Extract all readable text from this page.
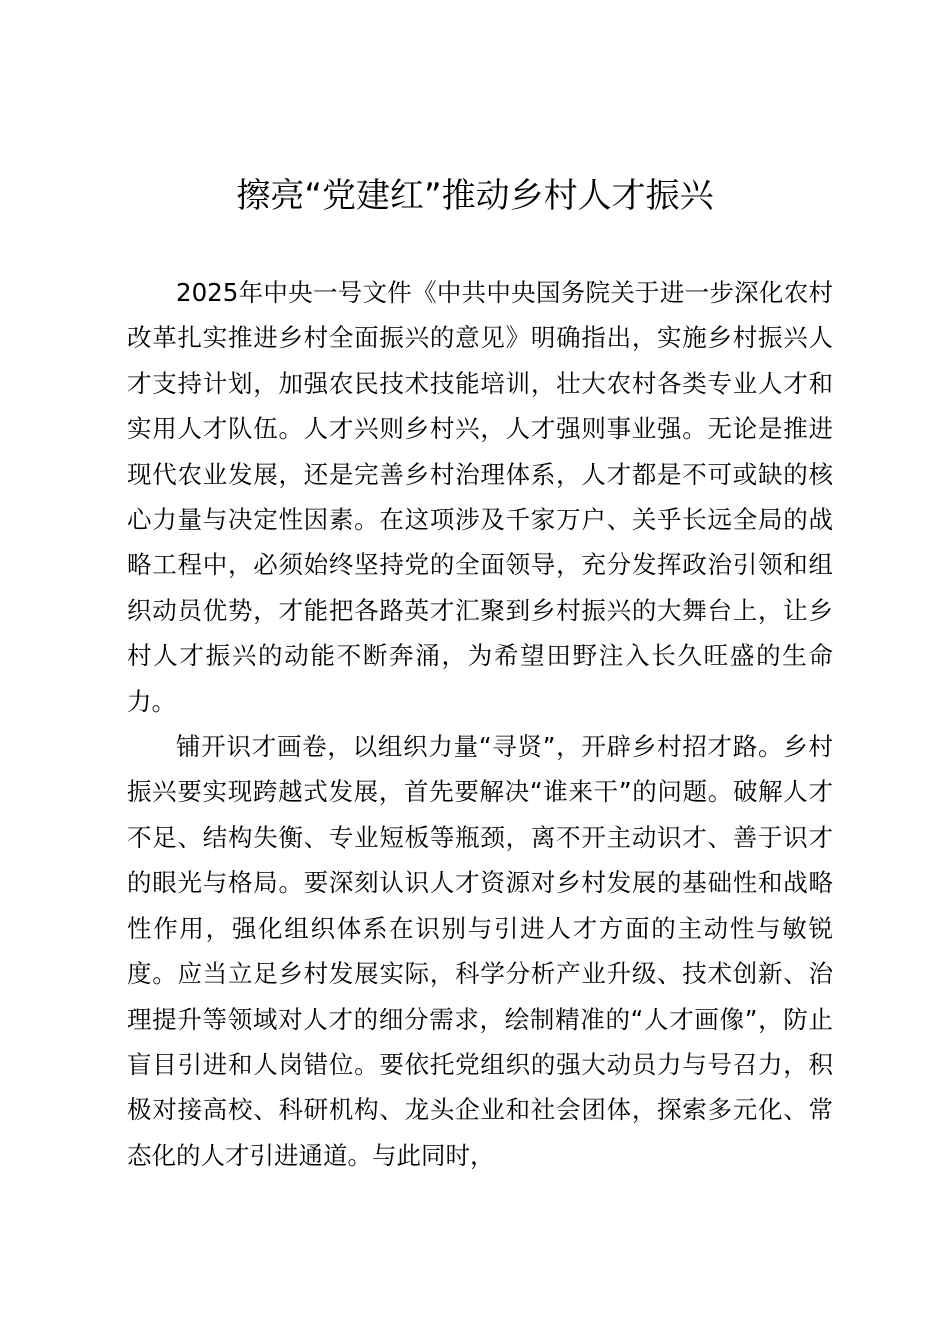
擦亮“党建红”推动乡村人才振兴

2025年中央一号文件《中共中央国务院关于进一步深化农村改革扎实推进乡村全面振兴的意见》明确指出，实施乡村振兴人才支持计划，加强农民技术技能培训，壮大农村各类专业人才和实用人才队伍。人才兴则乡村兴，人才强则事业强。无论是推进现代农业发展，还是完善乡村治理体系，人才都是不可或缺的核心力量与决定性因素。在这项涉及千家万户、关乎长远全局的战略工程中，必须始终坚持党的全面领导，充分发挥政治引领和组织动员优势，才能把各路英才汇聚到乡村振兴的大舞台上，让乡村人才振兴的动能不断奔涌，为希望田野注入长久旺盛的生命力。

铺开识才画卷，以组织力量“寻贤”，开辟乡村招才路。乡村振兴要实现跨越式发展，首先要解决“谁来干”的问题。破解人才不足、结构失衡、专业短板等瓶颈，离不开主动识才、善于识才的眼光与格局。要深刻认识人才资源对乡村发展的基础性和战略性作用，强化组织体系在识别与引进人才方面的主动性与敏锐度。应当立足乡村发展实际，科学分析产业升级、技术创新、治理提升等领域对人才的细分需求，绘制精准的“人才画像”，防止盲目引进和人岗错位。要依托党组织的强大动员力与号召力，积极对接高校、科研机构、龙头企业和社会团体，探索多元化、常态化的人才引进通道。与此同时，
